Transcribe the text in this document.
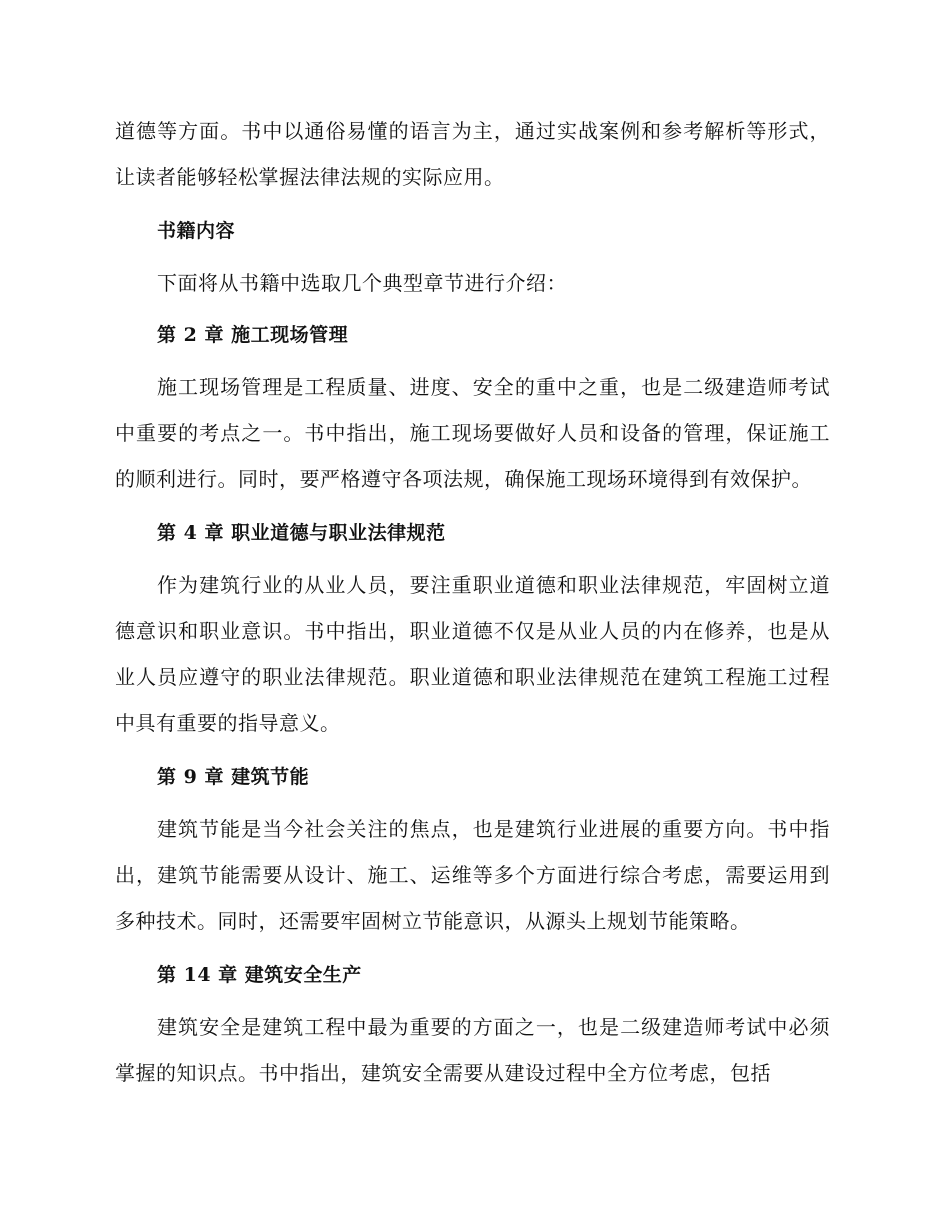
道德等方面。书中以通俗易懂的语言为主，通过实战案例和参考解析等形式，让读者能够轻松掌握法律法规的实际应用。

书籍内容

下面将从书籍中选取几个典型章节进行介绍：

第 2 章 施工现场管理

施工现场管理是工程质量、进度、安全的重中之重，也是二级建造师考试中重要的考点之一。书中指出，施工现场要做好人员和设备的管理，保证施工的顺利进行。同时，要严格遵守各项法规，确保施工现场环境得到有效保护。

第 4 章 职业道德与职业法律规范

作为建筑行业的从业人员，要注重职业道德和职业法律规范，牢固树立道德意识和职业意识。书中指出，职业道德不仅是从业人员的内在修养，也是从业人员应遵守的职业法律规范。职业道德和职业法律规范在建筑工程施工过程中具有重要的指导意义。

第 9 章 建筑节能

建筑节能是当今社会关注的焦点，也是建筑行业进展的重要方向。书中指出，建筑节能需要从设计、施工、运维等多个方面进行综合考虑，需要运用到多种技术。同时，还需要牢固树立节能意识，从源头上规划节能策略。

第 14 章 建筑安全生产

建筑安全是建筑工程中最为重要的方面之一，也是二级建造师考试中必须掌握的知识点。书中指出，建筑安全需要从建设过程中全方位考虑，包括
